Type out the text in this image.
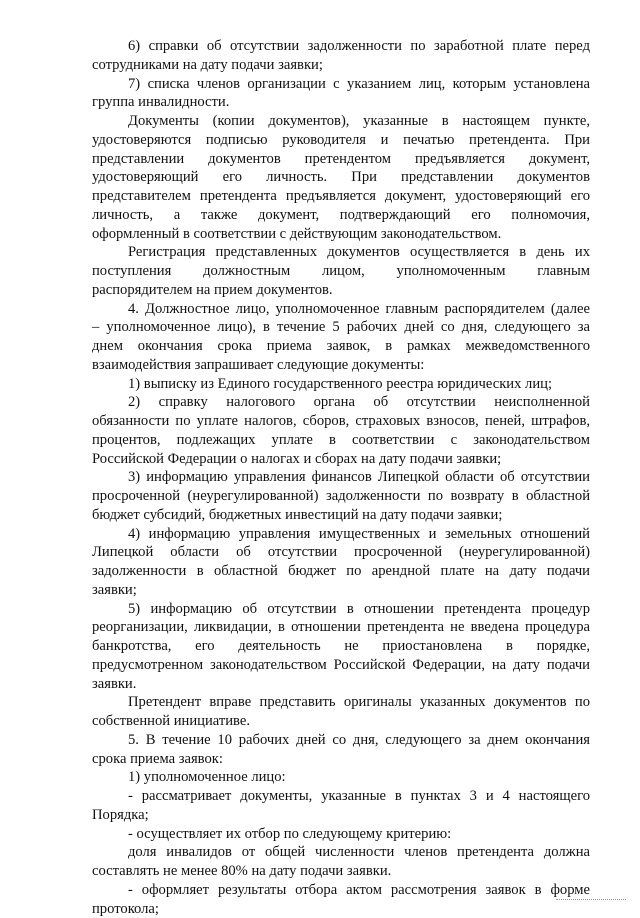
6) справки об отсутствии задолженности по заработной плате перед
сотрудниками на дату подачи заявки;
7) списка членов организации с указанием лиц, которым установлена
группа инвалидности.
Документы (копии документов), указанные в настоящем пункте,
удостоверяются подписью руководителя и печатью претендента. При
представлении документов претендентом предъявляется документ,
удостоверяющий его личность. При представлении документов
представителем претендента предъявляется документ, удостоверяющий его
личность, а также документ, подтверждающий его полномочия,
оформленный в соответствии с действующим законодательством.
Регистрация представленных документов осуществляется в день их
поступления должностным лицом, уполномоченным главным
распорядителем на прием документов.
4. Должностное лицо, уполномоченное главным распорядителем (далее
– уполномоченное лицо), в течение 5 рабочих дней со дня, следующего за
днем окончания срока приема заявок, в рамках межведомственного
взаимодействия запрашивает следующие документы:
1) выписку из Единого государственного реестра юридических лиц;
2) справку налогового органа об отсутствии неисполненной
обязанности по уплате налогов, сборов, страховых взносов, пеней, штрафов,
процентов, подлежащих уплате в соответствии с законодательством
Российской Федерации о налогах и сборах на дату подачи заявки;
3) информацию управления финансов Липецкой области об отсутствии
просроченной (неурегулированной) задолженности по возврату в областной
бюджет субсидий, бюджетных инвестиций на дату подачи заявки;
4) информацию управления имущественных и земельных отношений
Липецкой области об отсутствии просроченной (неурегулированной)
задолженности в областной бюджет по арендной плате на дату подачи
заявки;
5) информацию об отсутствии в отношении претендента процедур
реорганизации, ликвидации, в отношении претендента не введена процедура
банкротства, его деятельность не приостановлена в порядке,
предусмотренном законодательством Российской Федерации, на дату подачи
заявки.
Претендент вправе представить оригиналы указанных документов по
собственной инициативе.
5. В течение 10 рабочих дней со дня, следующего за днем окончания
срока приема заявок:
1) уполномоченное лицо:
- рассматривает документы, указанные в пунктах 3 и 4 настоящего
Порядка;
- осуществляет их отбор по следующему критерию:
доля инвалидов от общей численности членов претендента должна
составлять не менее 80% на дату подачи заявки.
- оформляет результаты отбора актом рассмотрения заявок в форме
протокола;
